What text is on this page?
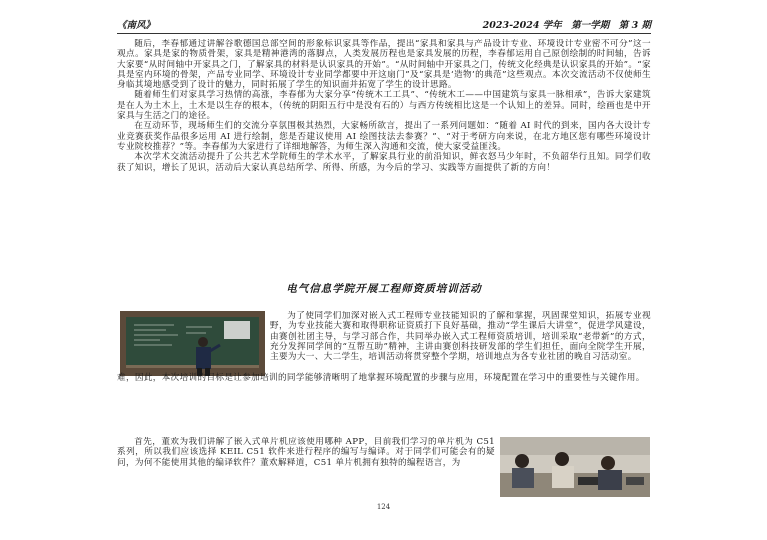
《南风》	2023-2024 学年　第一学期　第 3 期

随后，李春郁通过讲解谷歌德国总部空间的形象标识家具等作品，提出“家具和家具与产品设计专业、环境设计专业密不可分”这一观点。家具是家的物质骨架，家具是精神港湾的落脚点，人类发展历程也是家具发展的历程，李春郁运用自己原创绘制的时间轴，告诉大家要“从时间轴中开家具之门，了解家具的材料是认识家具的开始”。“从时间轴中开家具之门，传统文化经典是认识家具的开始”。“家具是室内环境的骨架，产品专业同学、环境设计专业同学都要中开这扇门”及“家具是‘造物’的典范”这些观点。本次交流活动不仅使师生身临其境地感受到了设计的魅力，同时拓展了学生的知识面并拓宽了学生的设计思路。

随着师生们对家具学习热情的高涨，李春郁为大家分享“传统木工工具”、“传统木工——中国建筑与家具一脉相承”，告诉大家建筑是在人为土木上，土木是以生存的根本，（传统的阴阳五行中是没有石的）与西方传统相比这是一个认知上的差异。同时，绘画也是中开家具与生活之门的途径。

在互动环节，现场师生们的交流分享氛围极其热烈，大家畅所欲言，提出了一系列问题如：“随着 AI 时代的到来，国内各大设计专业竞赛获奖作品很多运用 AI 进行绘制，您是否建议使用 AI 绘图技法去参赛？”、“对于考研方向来说，在北方地区您有哪些环境设计专业院校推荐？”等。李春郁为大家进行了详细地解答，为师生深入沟通和交流，使大家受益匪浅。

本次学术交流活动提升了公共艺术学院师生的学术水平，了解家具行业的前沿知识，鲜衣怒马少年时，不负韶华行且知。同学们收获了知识，增长了见识，活动后大家认真总结所学、所得、所感，为今后的学习、实践等方面提供了新的方向！

电气信息学院开展工程师资质培训活动

为了使同学们加深对嵌入式工程师专业技能知识的了解和掌握，巩固课堂知识，拓展专业视野，为专业技能大赛和取得职称证资质打下良好基础，推动“学生课后大讲堂”，促进学风建设，由赛创社团主导，与学习部合作，共同举办嵌入式工程师资质培训，培训采取“老带新”的方式，充分发挥同学间的“互帮互助”精神，主讲由赛创科技研发部的学生们担任，面向全院学生开展，主要为大一、大二学生，培训活动将贯穿整个学期，培训地点为各专业社团的晚自习活动室。

难，因此，本次培训的目标是让参加培训的同学能够清晰明了地掌握环境配置的步骤与应用，环境配置在学习中的重要性与关键作用。

首先，董欢为我们讲解了嵌入式单片机应该使用哪种 APP，目前我们学习的单片机为 C51 系列，所以我们应该选择 KEIL C51 软件来进行程序的编写与编译。对于同学们可能会有的疑问，为何不能使用其他的编译软件？董欢解释道，C51 单片机拥有独特的编程语言，为

124
